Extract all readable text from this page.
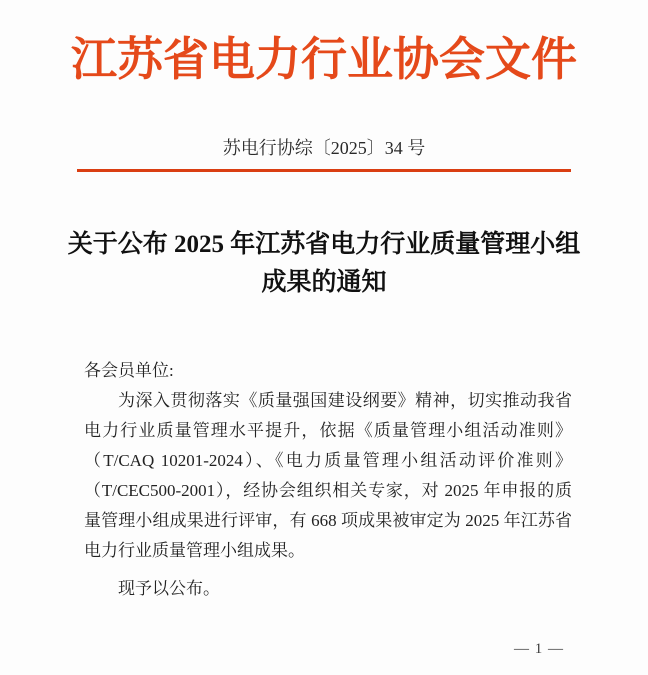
江苏省电力行业协会文件
苏电行协综〔2025〕34 号
关于公布 2025 年江苏省电力行业质量管理小组
成果的通知
各会员单位:
为深入贯彻落实《质量强国建设纲要》精神，切实推动我省
电力行业质量管理水平提升，依据《质量管理小组活动准则》
（T/CAQ 10201-2024）、《电力质量管理小组活动评价准则》
（T/CEC500-2001），经协会组织相关专家，对 2025 年申报的质
量管理小组成果进行评审，有 668 项成果被审定为 2025 年江苏省
电力行业质量管理小组成果。
现予以公布。
— 1 —
